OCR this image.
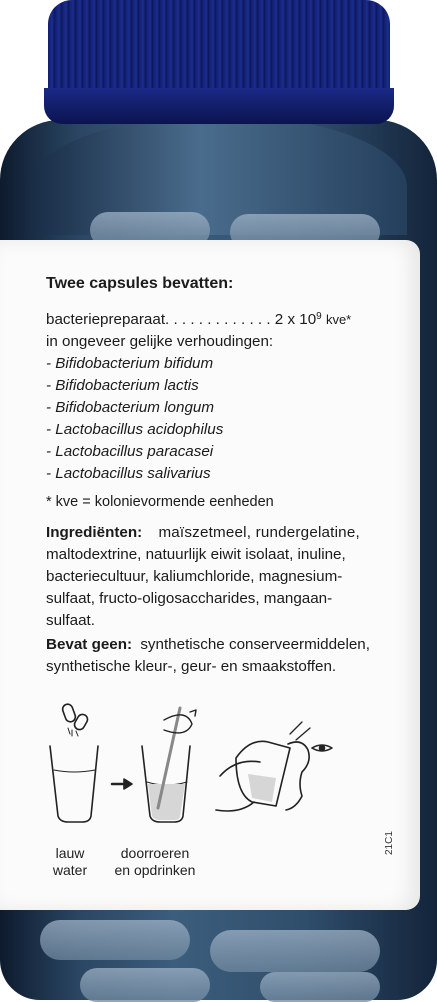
Twee capsules bevatten:
bacteriepreparaat. . . . . . . . . . . . . 2 x $10^9$ kve*
in ongeveer gelijke verhoudingen:
- Bifidobacterium bifidum
- Bifidobacterium lactis
- Bifidobacterium longum
- Lactobacillus acidophilus
- Lactobacillus paracasei
- Lactobacillus salivarius
* kve = kolonievormende eenheden
Ingrediënten: maïszetmeel, rundergelatine,
maltodextrine, natuurlijk eiwit isolaat, inuline,
bacteriecultuur, kaliumchloride, magnesium-
sulfaat, fructo-oligosaccharides, mangaan-
sulfaat.
Bevat geen: synthetische conserveermiddelen,
synthetische kleur-, geur- en smaakstoffen.
lauw
water
doorroeren
en opdrinken
21C1
